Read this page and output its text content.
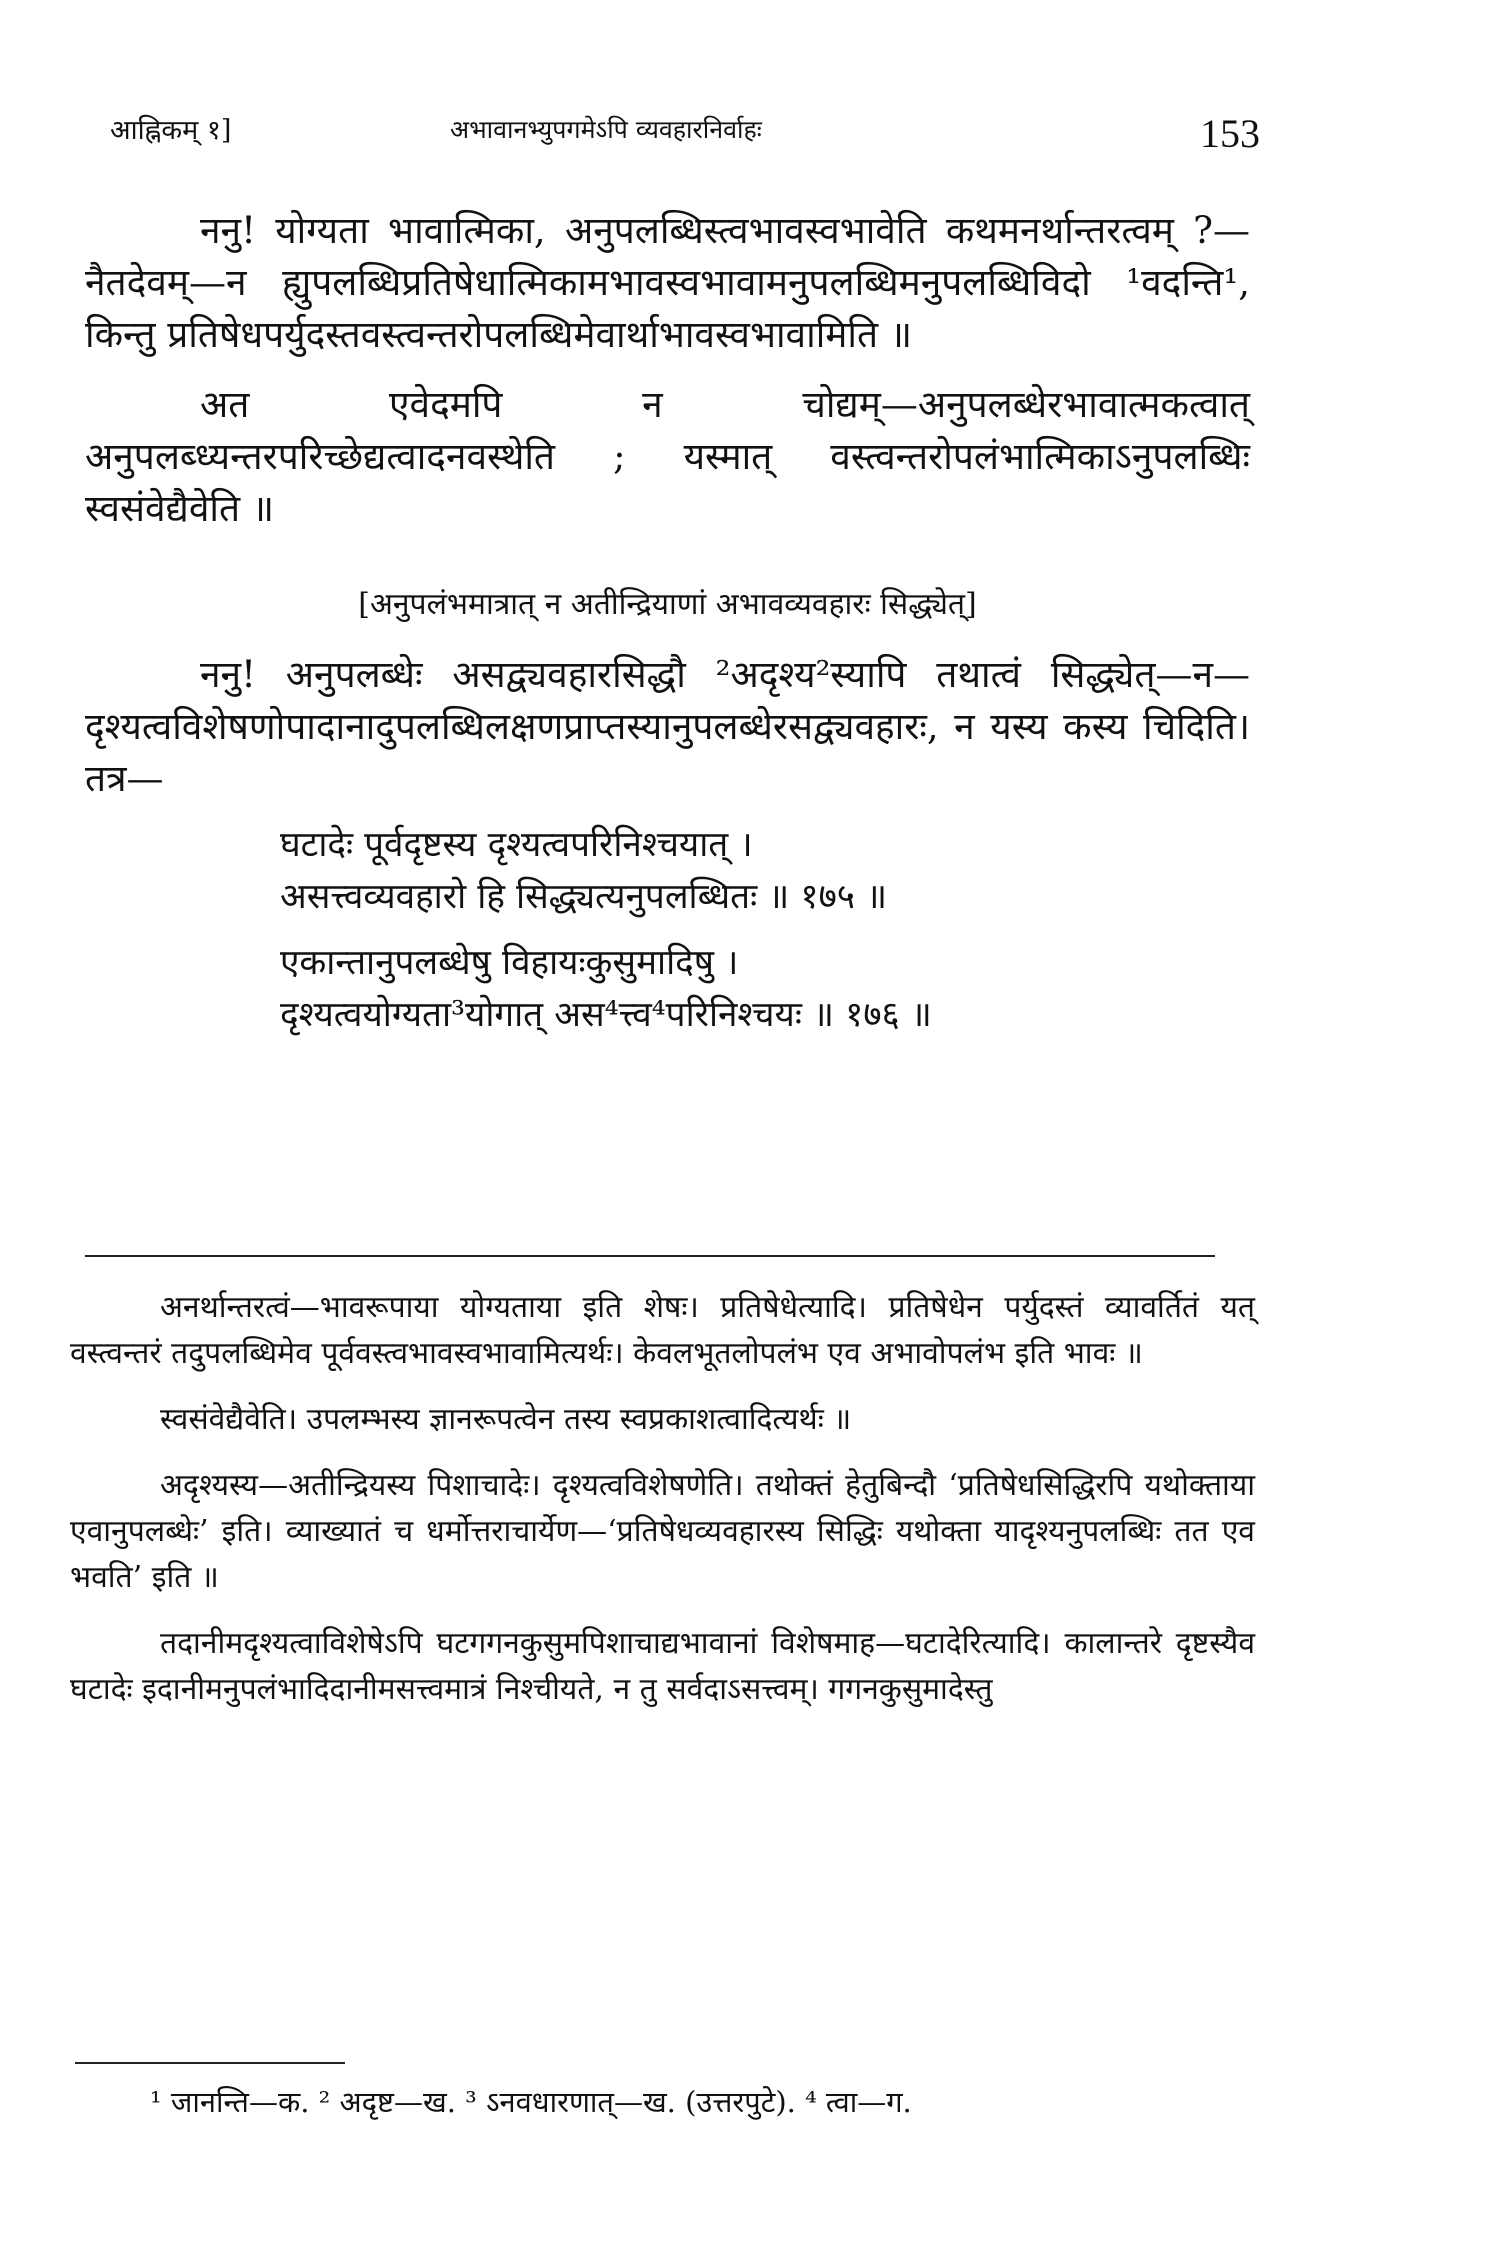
आह्निकम् १]	अभावानभ्युपगमेऽपि व्यवहारनिर्वाहः	153

ननु! योग्यता भावात्मिका, अनुपलब्धिस्त्वभावस्वभावेति कथमनर्थान्तरत्वम् ?—नैतदेवम्—न ह्युपलब्धिप्रतिषेधात्मिकामभावस्वभावामनुपलब्धिमनुपलब्धिविदो ¹वदन्ति¹, किन्तु प्रतिषेधपर्युदस्तवस्त्वन्तरोपलब्धिमेवार्थाभावस्वभावामिति ॥

अत एवेदमपि न चोद्यम्—अनुपलब्धेरभावात्मकत्वात् अनुपलब्ध्यन्तरपरिच्छेद्यत्वादनवस्थेति ; यस्मात् वस्त्वन्तरोपलंभात्मिकाऽनुपलब्धिः स्वसंवेद्यैवेति ॥

[अनुपलंभमात्रात् न अतीन्द्रियाणां अभावव्यवहारः सिद्ध्येत्]

ननु! अनुपलब्धेः असद्व्यवहारसिद्धौ ²अदृश्य²स्यापि तथात्वं सिद्ध्येत्—न—दृश्यत्वविशेषणोपादानादुपलब्धिलक्षणप्राप्तस्यानुपलब्धेरसद्व्यवहारः, न यस्य कस्य चिदिति। तत्र—

घटादेः पूर्वदृष्टस्य दृश्यत्वपरिनिश्चयात् ।

असत्त्वव्यवहारो हि सिद्ध्यत्यनुपलब्धितः ॥ १७५ ॥

एकान्तानुपलब्धेषु विहायःकुसुमादिषु ।

दृश्यत्वयोग्यता³योगात् अस⁴त्त्व⁴परिनिश्चयः ॥ १७६ ॥

अनर्थान्तरत्वं—भावरूपाया योग्यताया इति शेषः। प्रतिषेधेत्यादि। प्रतिषेधेन पर्युदस्तं व्यावर्तितं यत् वस्त्वन्तरं तदुपलब्धिमेव पूर्ववस्त्वभावस्वभावामित्यर्थः। केवलभूतलोपलंभ एव अभावोपलंभ इति भावः ॥

स्वसंवेद्यैवेति। उपलम्भस्य ज्ञानरूपत्वेन तस्य स्वप्रकाशत्वादित्यर्थः ॥

अदृश्यस्य—अतीन्द्रियस्य पिशाचादेः। दृश्यत्वविशेषणेति। तथोक्तं हेतुबिन्दौ ‘प्रतिषेधसिद्धिरपि यथोक्ताया एवानुपलब्धेः’ इति। व्याख्यातं च धर्मोत्तराचार्येण—‘प्रतिषेधव्यवहारस्य सिद्धिः यथोक्ता यादृश्यनुपलब्धिः तत एव भवति’ इति ॥

तदानीमदृश्यत्वाविशेषेऽपि घटगगनकुसुमपिशाचाद्यभावानां विशेषमाह—घटादेरित्यादि। कालान्तरे दृष्टस्यैव घटादेः इदानीमनुपलंभादिदानीमसत्त्वमात्रं निश्चीयते, न तु सर्वदाऽसत्त्वम्। गगनकुसुमादेस्तु

¹ जानन्ति—क. ² अदृष्ट—ख. ³ ऽनवधारणात्—ख. (उत्तरपुटे). ⁴ त्वा—ग.
